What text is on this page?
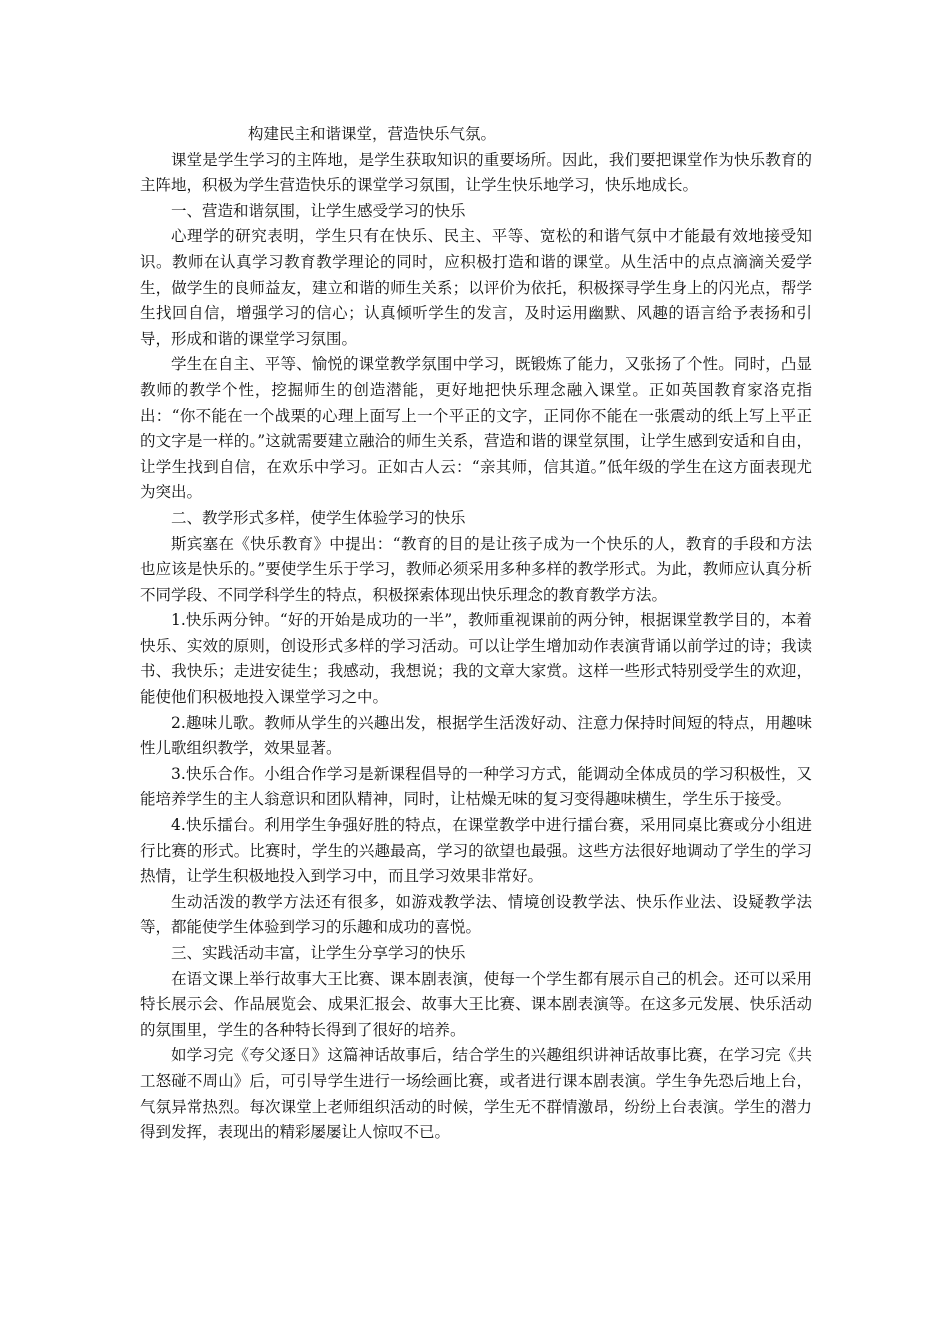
构建民主和谐课堂，营造快乐气氛。

课堂是学生学习的主阵地，是学生获取知识的重要场所。因此，我们要把课堂作为快乐教育的主阵地，积极为学生营造快乐的课堂学习氛围，让学生快乐地学习，快乐地成长。

一、营造和谐氛围，让学生感受学习的快乐

心理学的研究表明，学生只有在快乐、民主、平等、宽松的和谐气氛中才能最有效地接受知识。教师在认真学习教育教学理论的同时，应积极打造和谐的课堂。从生活中的点点滴滴关爱学生，做学生的良师益友，建立和谐的师生关系；以评价为依托，积极探寻学生身上的闪光点，帮学生找回自信，增强学习的信心；认真倾听学生的发言，及时运用幽默、风趣的语言给予表扬和引导，形成和谐的课堂学习氛围。

学生在自主、平等、愉悦的课堂教学氛围中学习，既锻炼了能力，又张扬了个性。同时，凸显教师的教学个性，挖掘师生的创造潜能，更好地把快乐理念融入课堂。正如英国教育家洛克指出：“你不能在一个战栗的心理上面写上一个平正的文字，正同你不能在一张震动的纸上写上平正的文字是一样的。”这就需要建立融洽的师生关系，营造和谐的课堂氛围，让学生感到安适和自由，让学生找到自信，在欢乐中学习。正如古人云：“亲其师，信其道。”低年级的学生在这方面表现尤为突出。

二、教学形式多样，使学生体验学习的快乐

斯宾塞在《快乐教育》中提出：“教育的目的是让孩子成为一个快乐的人，教育的手段和方法也应该是快乐的。”要使学生乐于学习，教师必须采用多种多样的教学形式。为此，教师应认真分析不同学段、不同学科学生的特点，积极探索体现出快乐理念的教育教学方法。

1.快乐两分钟。“好的开始是成功的一半”，教师重视课前的两分钟，根据课堂教学目的，本着快乐、实效的原则，创设形式多样的学习活动。可以让学生增加动作表演背诵以前学过的诗；我读书、我快乐；走进安徒生；我感动，我想说；我的文章大家赏。这样一些形式特别受学生的欢迎，能使他们积极地投入课堂学习之中。

2.趣味儿歌。教师从学生的兴趣出发，根据学生活泼好动、注意力保持时间短的特点，用趣味性儿歌组织教学，效果显著。

3.快乐合作。小组合作学习是新课程倡导的一种学习方式，能调动全体成员的学习积极性，又能培养学生的主人翁意识和团队精神，同时，让枯燥无味的复习变得趣味横生，学生乐于接受。

4.快乐擂台。利用学生争强好胜的特点，在课堂教学中进行擂台赛，采用同桌比赛或分小组进行比赛的形式。比赛时，学生的兴趣最高，学习的欲望也最强。这些方法很好地调动了学生的学习热情，让学生积极地投入到学习中，而且学习效果非常好。

生动活泼的教学方法还有很多，如游戏教学法、情境创设教学法、快乐作业法、设疑教学法等，都能使学生体验到学习的乐趣和成功的喜悦。

三、实践活动丰富，让学生分享学习的快乐

在语文课上举行故事大王比赛、课本剧表演，使每一个学生都有展示自己的机会。还可以采用特长展示会、作品展览会、成果汇报会、故事大王比赛、课本剧表演等。在这多元发展、快乐活动的氛围里，学生的各种特长得到了很好的培养。

如学习完《夸父逐日》这篇神话故事后，结合学生的兴趣组织讲神话故事比赛，在学习完《共工怒碰不周山》后，可引导学生进行一场绘画比赛，或者进行课本剧表演。学生争先恐后地上台，气氛异常热烈。每次课堂上老师组织活动的时候，学生无不群情激昂，纷纷上台表演。学生的潜力得到发挥，表现出的精彩屡屡让人惊叹不已。
